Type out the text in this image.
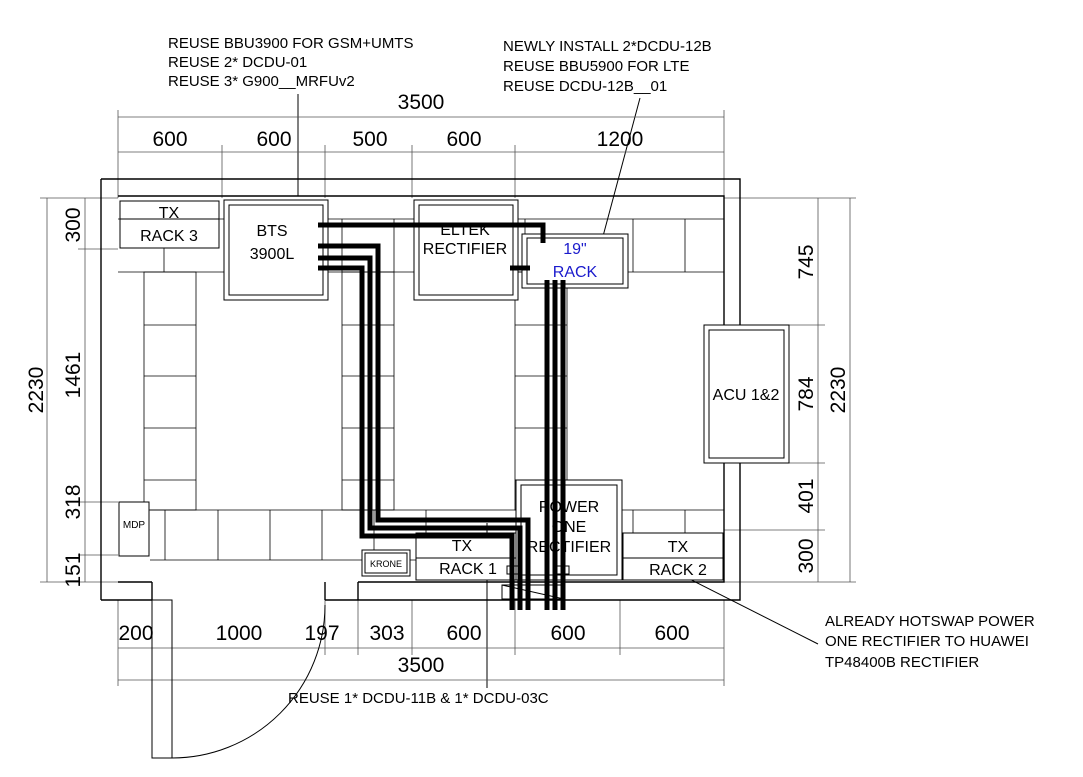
REUSE BBU3900 FOR GSM+UMTS
REUSE 2* DCDU-01
REUSE 3* G900__MRFUv2
NEWLY INSTALL 2*DCDU-12B
REUSE BBU5900 FOR LTE
REUSE DCDU-12B__01
ALREADY HOTSWAP POWER
ONE RECTIFIER TO HUAWEI
TP48400B RECTIFIER
REUSE 1* DCDU-11B & 1* DCDU-03C
3500
600	600	500	600	1200
200	1000 197 303 600	600	600
3500
2230
300
1461
318
151
745
784
401
300
2230
TX
RACK 3	BTS
3900L
ELTEK
RECTIFIER	19"
RACK
ACU 1&2
MDP
KRONE
TX
RACK 1
POWER
ONE
RECTIFIER	TX
RACK 2
